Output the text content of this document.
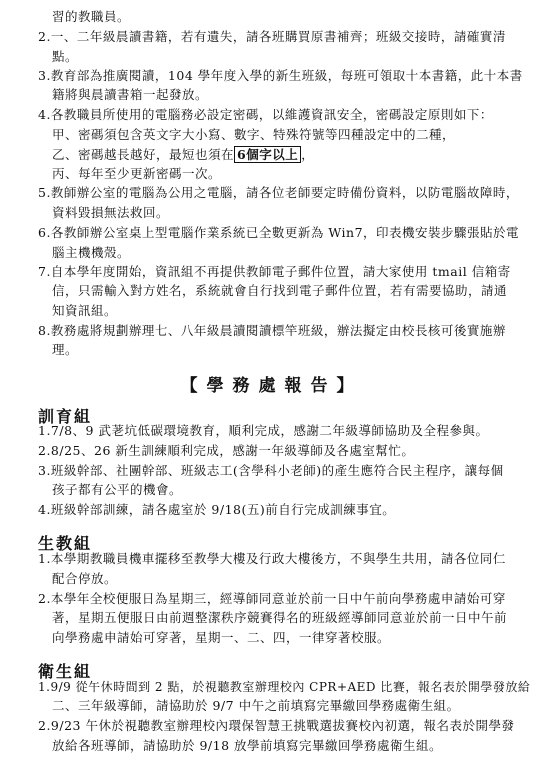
習的教職員。
2.一、二年級晨讀書籍，若有遺失，請各班購買原書補齊；班級交接時，請確實清
點。
3.教育部為推廣閱讀，104 學年度入學的新生班級，每班可領取十本書籍，此十本書
籍將與晨讀書箱一起發放。
4.各教職員所使用的電腦務必設定密碼，以維護資訊安全，密碼設定原則如下：
甲、密碼須包含英文字大小寫、數字、特殊符號等四種設定中的二種，
乙、密碼越長越好，最短也須在 6個字以上 ，
丙、每年至少更新密碼一次。
5.教師辦公室的電腦為公用之電腦，請各位老師要定時備份資料，以防電腦故障時，
資料毀損無法救回。
6.各教師辦公室桌上型電腦作業系統已全數更新為 Win7，印表機安裝步驟張貼於電
腦主機機殼。
7.自本學年度開始，資訊組不再提供教師電子郵件位置，請大家使用 tmail 信箱寄
信，只需輸入對方姓名，系統就會自行找到電子郵件位置，若有需要協助，請通
知資訊組。
8.教務處將規劃辦理七、八年級晨讀閱讀標竿班級，辦法擬定由校長核可後實施辦
理。
【學務處報告】
訓育組
1.7/8、9 武荖坑低碳環境教育，順利完成，感謝二年級導師協助及全程參與。
2.8/25、26 新生訓練順利完成，感謝一年級導師及各處室幫忙。
3.班級幹部、社團幹部、班級志工(含學科小老師)的產生應符合民主程序，讓每個
孩子都有公平的機會。
4.班級幹部訓練，請各處室於 9/18(五)前自行完成訓練事宜。
生教組
1.本學期教職員機車擺移至教學大樓及行政大樓後方，不與學生共用，請各位同仁
配合停放。
2.本學年全校便服日為星期三，經導師同意並於前一日中午前向學務處申請始可穿
著，星期五便服日由前週整潔秩序競賽得名的班級經導師同意並於前一日中午前
向學務處申請始可穿著，星期一、二、四，一律穿著校服。
衛生組
1.9/9 從午休時間到 2 點，於視聽教室辦理校內 CPR+AED 比賽，報名表於開學發放給
二、三年級導師，請協助於 9/7 中午之前填寫完畢繳回學務處衛生組。
2.9/23 午休於視聽教室辦理校內環保智慧王挑戰選拔賽校內初選，報名表於開學發
放給各班導師，請協助於 9/18 放學前填寫完畢繳回學務處衛生組。
